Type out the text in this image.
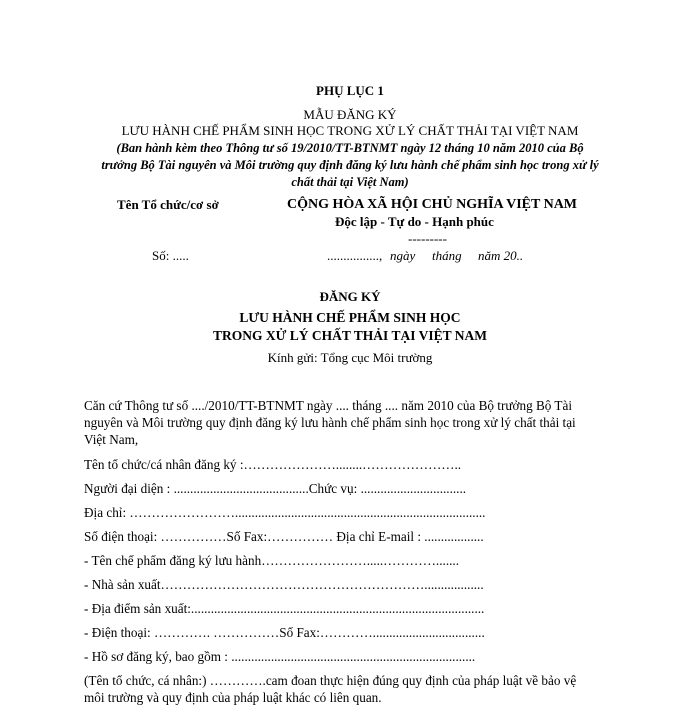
PHỤ LỤC 1
MẪU ĐĂNG KÝ
LƯU HÀNH CHẾ PHẨM SINH HỌC TRONG XỬ LÝ CHẤT THẢI TẠI VIỆT NAM
(Ban hành kèm theo Thông tư số 19/2010/TT-BTNMT ngày 12 tháng 10 năm 2010 của Bộ
trưởng Bộ Tài nguyên và Môi trường quy định đăng ký lưu hành chế phẩm sinh học trong xử lý
chất thải tại Việt Nam)
Tên Tổ chức/cơ sở	CỘNG HÒA XÃ HỘI CHỦ NGHĨA VIỆT NAM
Độc lập - Tự do - Hạnh phúc
---------
Số: .....	................, ngày tháng năm 20..
ĐĂNG KÝ
LƯU HÀNH CHẾ PHẨM SINH HỌC
TRONG XỬ LÝ CHẤT THẢI TẠI VIỆT NAM
Kính gửi: Tổng cục Môi trường
Căn cứ Thông tư số ..../2010/TT-BTNMT ngày .... tháng .... năm 2010 của Bộ trưởng Bộ Tài
nguyên và Môi trường quy định đăng ký lưu hành chế phẩm sinh học trong xử lý chất thải tại
Việt Nam,
Tên tổ chức/cá nhân đăng ký :…………………........…………………..
Người đại diện : .........................................Chức vụ: ................................
Địa chỉ: ……………………............................................................................
Số điện thoại: ……………Số Fax:…………… Địa chỉ E-mail : ..................
- Tên chế phẩm đăng ký lưu hành…………………….....………….......
- Nhà sản xuất……………………………………………………..................
- Địa điểm sản xuất:.........................................................................................
- Điện thoại: …………. ……………Số Fax:…………..................................
- Hồ sơ đăng ký, bao gồm : ..........................................................................
(Tên tổ chức, cá nhân:) ………….cam đoan thực hiện đúng quy định của pháp luật về bảo vệ
môi trường và quy định của pháp luật khác có liên quan.
